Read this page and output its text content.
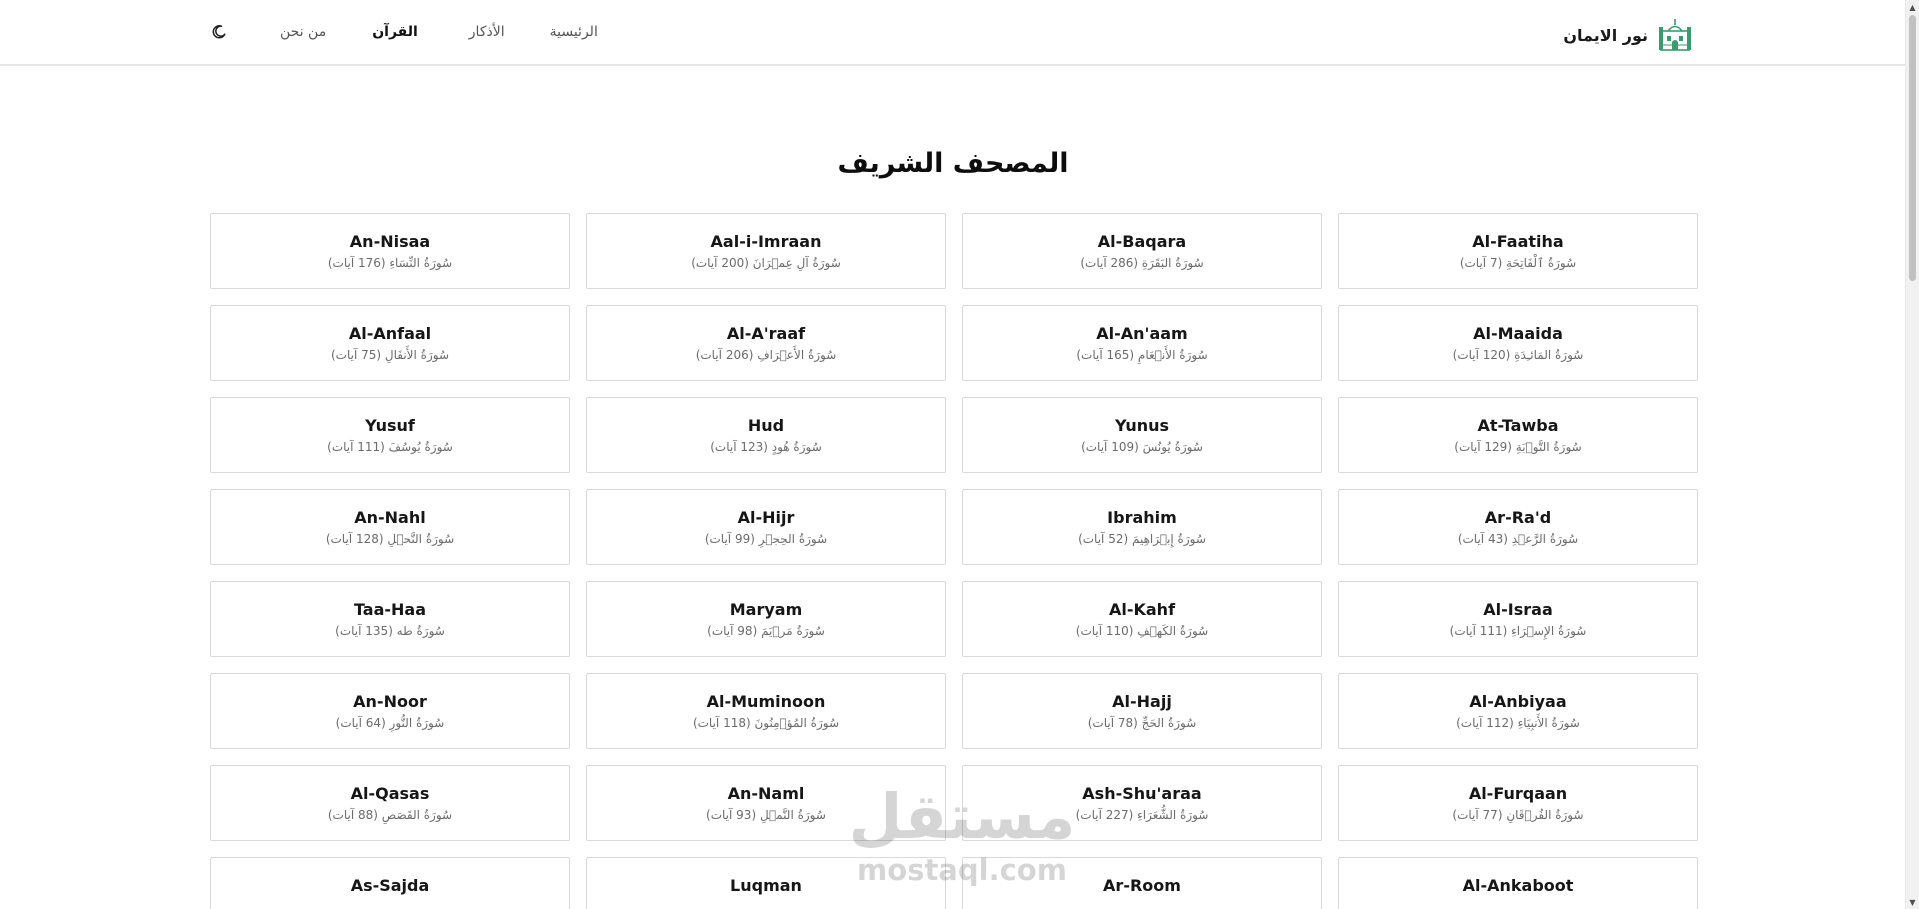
نور الايمان
من نحن	القرآن	الأذكار	الرئيسية
المصحف الشريف
Al-Faatiha
سُورَةُ ٱلْفَاتِحَةِ (7 آيات)
Al-Baqara
سُورَةُ البَقَرَةِ (286 آيات)
Aal-i-Imraan
سُورَةُ آلِ عِمۡرَانَ (200 آيات)
An-Nisaa
سُورَةُ النِّسَاءِ (176 آيات)
Al-Maaida
سُورَةُ المَائـِدَةِ (120 آيات)
Al-An'aam
سُورَةُ الأَنۡعَامِ (165 آيات)
Al-A'raaf
سُورَةُ الأَعۡرَافِ (206 آيات)
Al-Anfaal
سُورَةُ الأَنفَالِ (75 آيات)
At-Tawba
سُورَةُ التَّوۡبَةِ (129 آيات)
Yunus
سُورَةُ يُونُسَ (109 آيات)
Hud
سُورَةُ هُودٍ (123 آيات)
Yusuf
سُورَةُ يُوسُفَ (111 آيات)
Ar-Ra'd
سُورَةُ الرَّعۡدِ (43 آيات)
Ibrahim
سُورَةُ إِبۡرَاهِيمَ (52 آيات)
Al-Hijr
سُورَةُ الحِجۡرِ (99 آيات)
An-Nahl
سُورَةُ النَّحۡلِ (128 آيات)
Al-Israa
سُورَةُ الإِسۡرَاءِ (111 آيات)
Al-Kahf
سُورَةُ الكَهۡفِ (110 آيات)
Maryam
سُورَةُ مَرۡيَمَ (98 آيات)
Taa-Haa
سُورَةُ طه (135 آيات)
Al-Anbiyaa
سُورَةُ الأَنبِيَاءِ (112 آيات)
Al-Hajj
سُورَةُ الحَجِّ (78 آيات)
Al-Muminoon
سُورَةُ المُؤۡمِنُونَ (118 آيات)
An-Noor
سُورَةُ النُّورِ (64 آيات)
Al-Furqaan
سُورَةُ الفُرۡقَانِ (77 آيات)
Ash-Shu'araa
سُورَةُ الشُّعَرَاءِ (227 آيات)
An-Naml
سُورَةُ النَّمۡلِ (93 آيات)
Al-Qasas
سُورَةُ القَصَصِ (88 آيات)
Al-Ankaboot
Ar-Room
Luqman
As-Sajda
▲
▼
